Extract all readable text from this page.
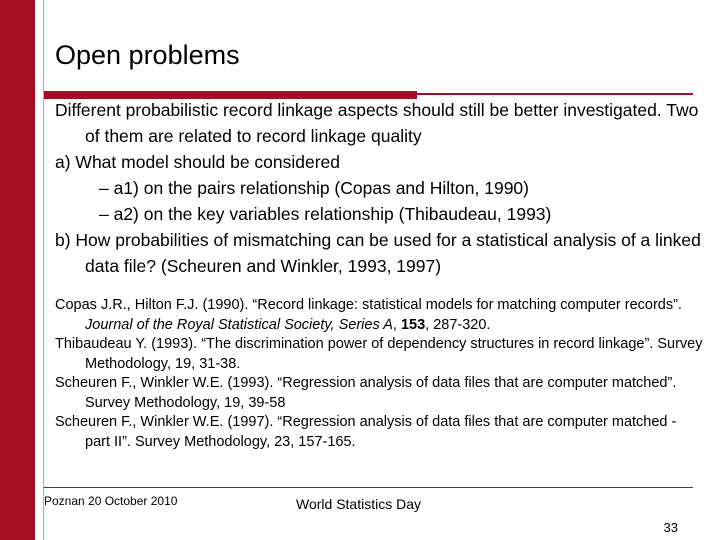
Open problems

Different probabilistic record linkage aspects should still be better investigated. Two of them are related to record linkage quality

a) What model should be considered

– a1) on the pairs relationship (Copas and Hilton, 1990)

– a2) on the key variables relationship (Thibaudeau, 1993)

b) How probabilities of mismatching can be used for a statistical analysis of a linked data file? (Scheuren and Winkler, 1993, 1997)

Copas J.R., Hilton F.J. (1990). “Record linkage: statistical models for matching computer records”. Journal of the Royal Statistical Society, Series A, 153, 287-320.

Thibaudeau Y. (1993). “The discrimination power of dependency structures in record linkage”. Survey Methodology, 19, 31-38.

Scheuren F., Winkler W.E. (1993). “Regression analysis of data files that are computer matched”. Survey Methodology, 19, 39-58

Scheuren F., Winkler W.E. (1997). “Regression analysis of data files that are computer matched - part II”. Survey Methodology, 23, 157-165.

Poznan 20 October 2010	World Statistics Day
33
